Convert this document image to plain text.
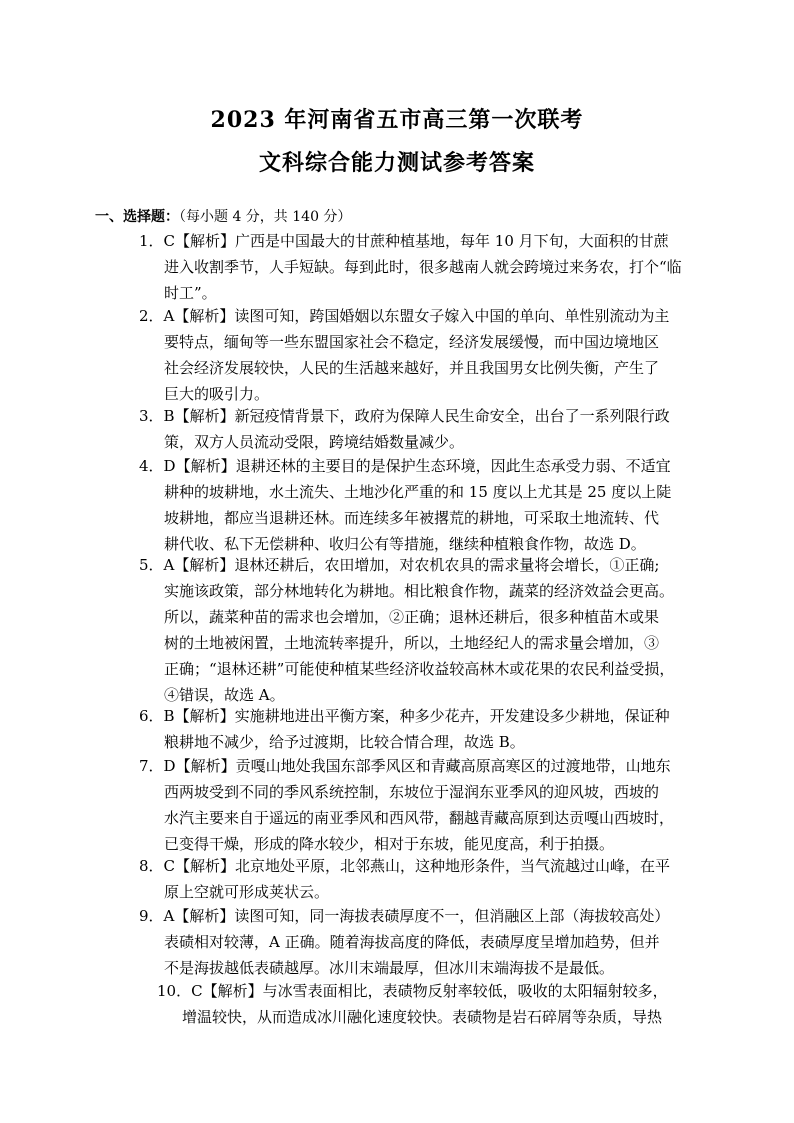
2023 年河南省五市高三第一次联考
文科综合能力测试参考答案
一、选择题：（每小题 4 分，共 140 分）
1．C【解析】广西是中国最大的甘蔗种植基地，每年 10 月下旬，大面积的甘蔗
进入收割季节，人手短缺。每到此时，很多越南人就会跨境过来务农，打个“临
时工”。
2．A【解析】读图可知，跨国婚姻以东盟女子嫁入中国的单向、单性别流动为主
要特点，缅甸等一些东盟国家社会不稳定，经济发展缓慢，而中国边境地区
社会经济发展较快，人民的生活越来越好，并且我国男女比例失衡，产生了
巨大的吸引力。
3．B【解析】新冠疫情背景下，政府为保障人民生命安全，出台了一系列限行政
策，双方人员流动受限，跨境结婚数量减少。
4．D【解析】退耕还林的主要目的是保护生态环境，因此生态承受力弱、不适宜
耕种的坡耕地，水土流失、土地沙化严重的和 15 度以上尤其是 25 度以上陡
坡耕地，都应当退耕还林。而连续多年被撂荒的耕地，可采取土地流转、代
耕代收、私下无偿耕种、收归公有等措施，继续种植粮食作物，故选 D。
5．A【解析】退林还耕后，农田增加，对农机农具的需求量将会增长，①正确;
实施该政策，部分林地转化为耕地。相比粮食作物，蔬菜的经济效益会更高。
所以，蔬菜种苗的需求也会增加，②正确；退林还耕后，很多种植苗木或果
树的土地被闲置，土地流转率提升，所以，土地经纪人的需求量会增加，③
正确；“退林还耕”可能使种植某些经济收益较高林木或花果的农民利益受损，
④错误，故选 A。
6．B【解析】实施耕地进出平衡方案，种多少花卉，开发建设多少耕地，保证种
粮耕地不减少，给予过渡期，比较合情合理，故选 B。
7．D【解析】贡嘎山地处我国东部季风区和青藏高原高寒区的过渡地带，山地东
西两坡受到不同的季风系统控制，东坡位于湿润东亚季风的迎风坡，西坡的
水汽主要来自于遥远的南亚季风和西风带，翻越青藏高原到达贡嘎山西坡时，
已变得干燥，形成的降水较少，相对于东坡，能见度高，利于拍摄。
8．C【解析】北京地处平原，北邻燕山，这种地形条件，当气流越过山峰，在平
原上空就可形成荚状云。
9．A【解析】读图可知，同一海拔表碛厚度不一，但消融区上部（海拔较高处）
表碛相对较薄，A 正确。随着海拔高度的降低，表碛厚度呈增加趋势，但并
不是海拔越低表碛越厚。冰川末端最厚，但冰川末端海拔不是最低。
10．C【解析】与冰雪表面相比，表碛物反射率较低，吸收的太阳辐射较多，
增温较快，从而造成冰川融化速度较快。表碛物是岩石碎屑等杂质，导热
